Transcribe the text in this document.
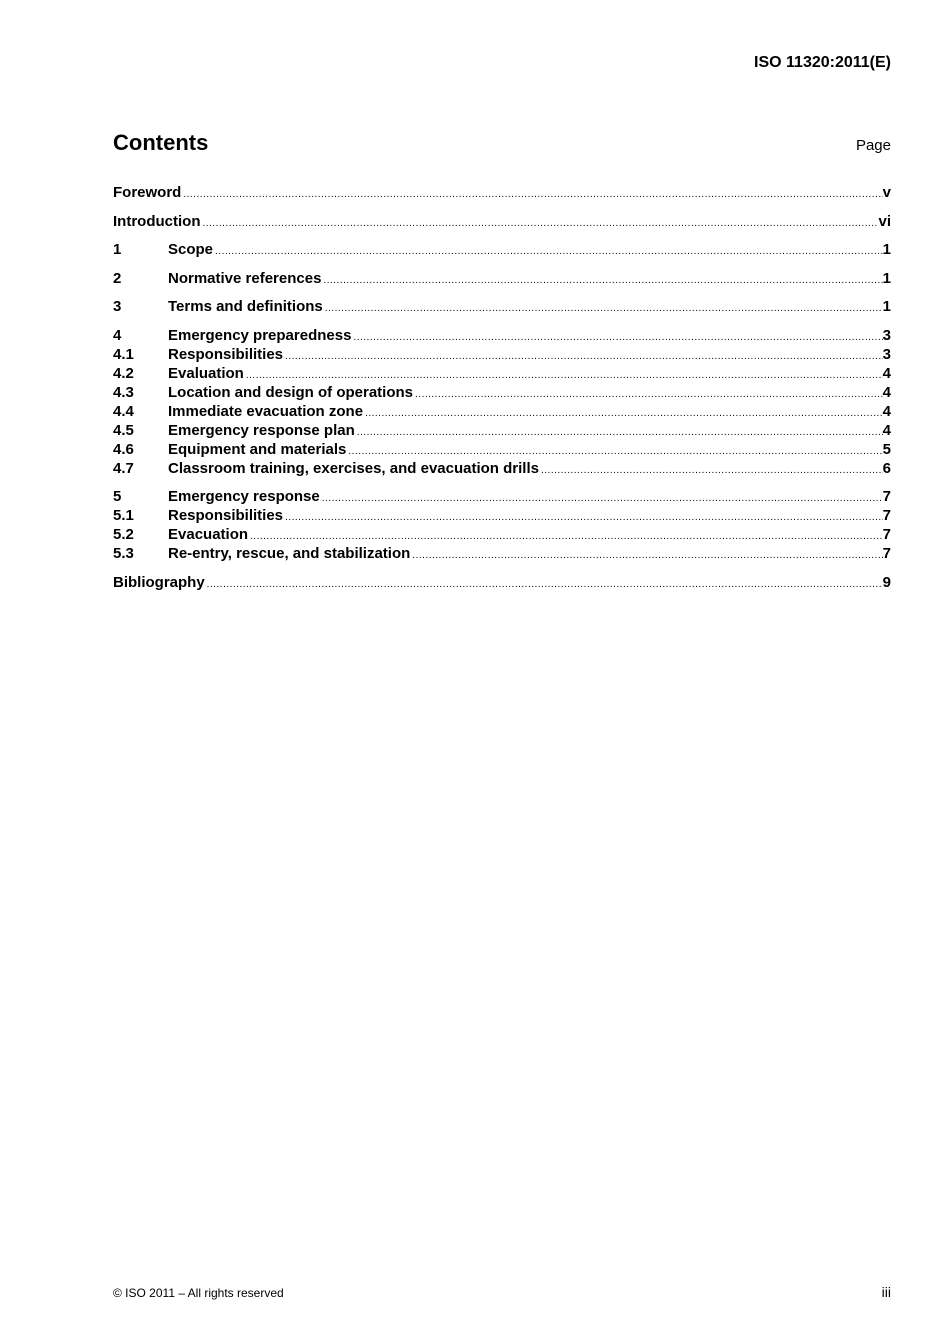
ISO 11320:2011(E)
Contents	Page
Foreword .....	v
Introduction .....	vi
1	Scope .....	1
2	Normative references .....	1
3	Terms and definitions .....	1
4	Emergency preparedness .....	3
4.1	Responsibilities .....	3
4.2	Evaluation .....	4
4.3	Location and design of operations .....	4
4.4	Immediate evacuation zone .....	4
4.5	Emergency response plan .....	4
4.6	Equipment and materials .....	5
4.7	Classroom training, exercises, and evacuation drills .....	6
5	Emergency response .....	7
5.1	Responsibilities .....	7
5.2	Evacuation .....	7
5.3	Re-entry, rescue, and stabilization .....	7
Bibliography .....	9
© ISO 2011 – All rights reserved	iii
